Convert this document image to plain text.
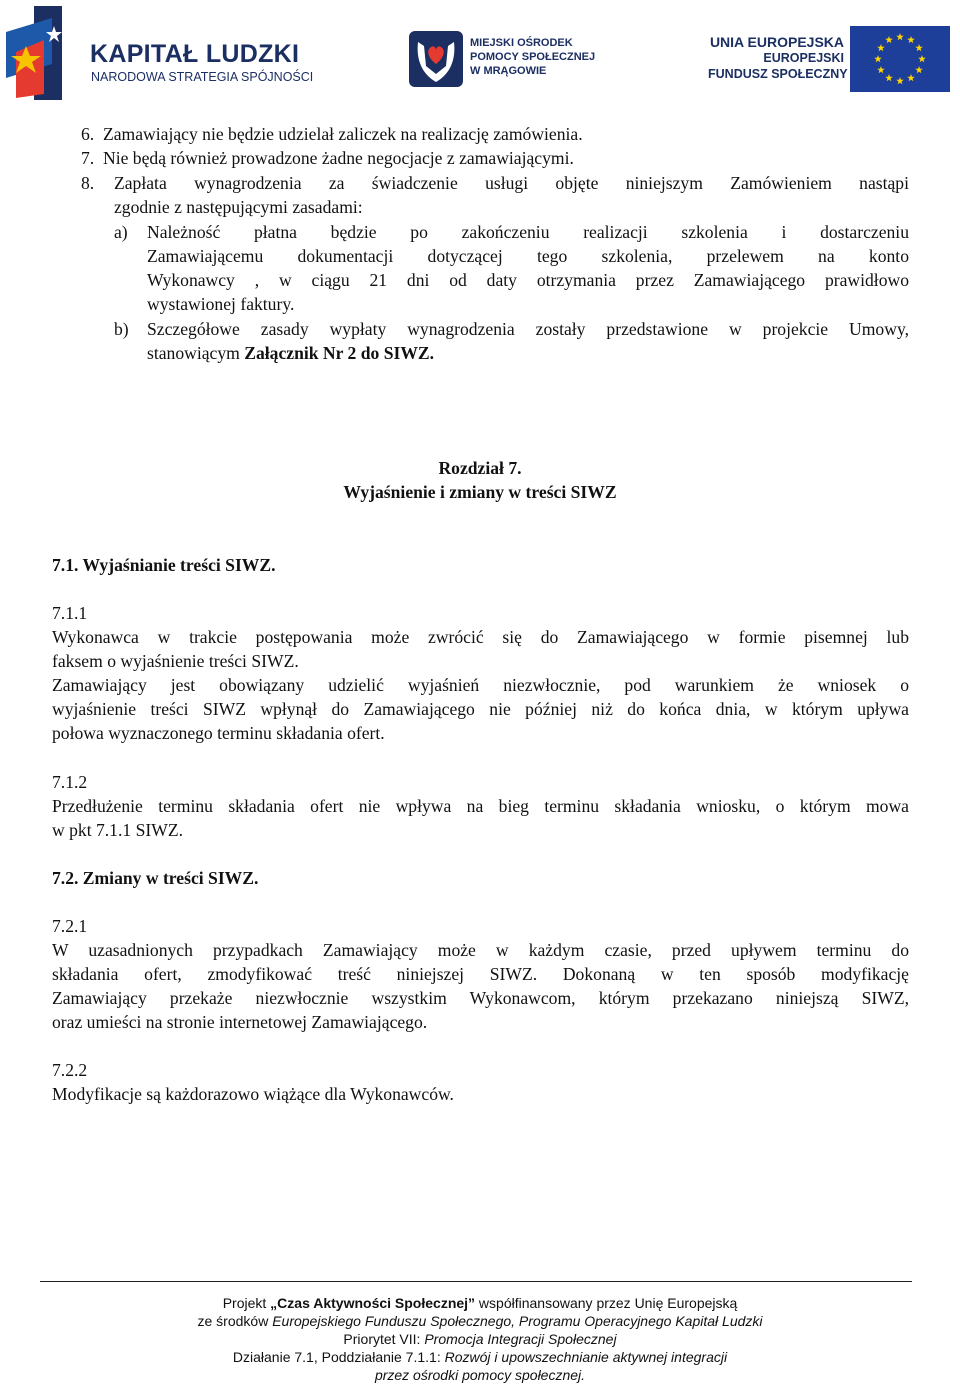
KAPITAŁ LUDZKI
NARODOWA STRATEGIA SPÓJNOŚCI
MIEJSKI OŚRODEK
POMOCY SPOŁECZNEJ
W MRĄGOWIE
UNIA EUROPEJSKA
EUROPEJSKI
FUNDUSZ SPOŁECZNY
6. Zamawiający nie będzie udzielał zaliczek na realizację zamówienia.
7. Nie będą również prowadzone żadne negocjacje z zamawiającymi.
8. Zapłata wynagrodzenia za świadczenie usługi objęte niniejszym Zamówieniem nastąpi
zgodnie z następującymi zasadami:
a) Należność płatna będzie po zakończeniu realizacji szkolenia i dostarczeniu
Zamawiającemu dokumentacji dotyczącej tego szkolenia, przelewem na konto
Wykonawcy , w ciągu 21 dni od daty otrzymania przez Zamawiającego prawidłowo
wystawionej faktury.
b) Szczegółowe zasady wypłaty wynagrodzenia zostały przedstawione w projekcie Umowy,
stanowiącym Załącznik Nr 2 do SIWZ.
Rozdział 7.
Wyjaśnienie i zmiany w treści SIWZ
7.1. Wyjaśnianie treści SIWZ.
7.1.1
Wykonawca w trakcie postępowania może zwrócić się do Zamawiającego w formie pisemnej lub
faksem o wyjaśnienie treści SIWZ.
Zamawiający jest obowiązany udzielić wyjaśnień niezwłocznie, pod warunkiem że wniosek o
wyjaśnienie treści SIWZ wpłynął do Zamawiającego nie później niż do końca dnia, w którym upływa
połowa wyznaczonego terminu składania ofert.
7.1.2
Przedłużenie terminu składania ofert nie wpływa na bieg terminu składania wniosku, o którym mowa
w pkt 7.1.1 SIWZ.
7.2. Zmiany w treści SIWZ.
7.2.1
W uzasadnionych przypadkach Zamawiający może w każdym czasie, przed upływem terminu do
składania ofert, zmodyfikować treść niniejszej SIWZ. Dokonaną w ten sposób modyfikację
Zamawiający przekaże niezwłocznie wszystkim Wykonawcom, którym przekazano niniejszą SIWZ,
oraz umieści na stronie internetowej Zamawiającego.
7.2.2
Modyfikacje są każdorazowo wiążące dla Wykonawców.
Projekt „Czas Aktywności Społecznej” współfinansowany przez Unię Europejską
ze środków Europejskiego Funduszu Społecznego, Programu Operacyjnego Kapitał Ludzki
Priorytet VII: Promocja Integracji Społecznej
Działanie 7.1, Poddziałanie 7.1.1: Rozwój i upowszechnianie aktywnej integracji
przez ośrodki pomocy społecznej.
